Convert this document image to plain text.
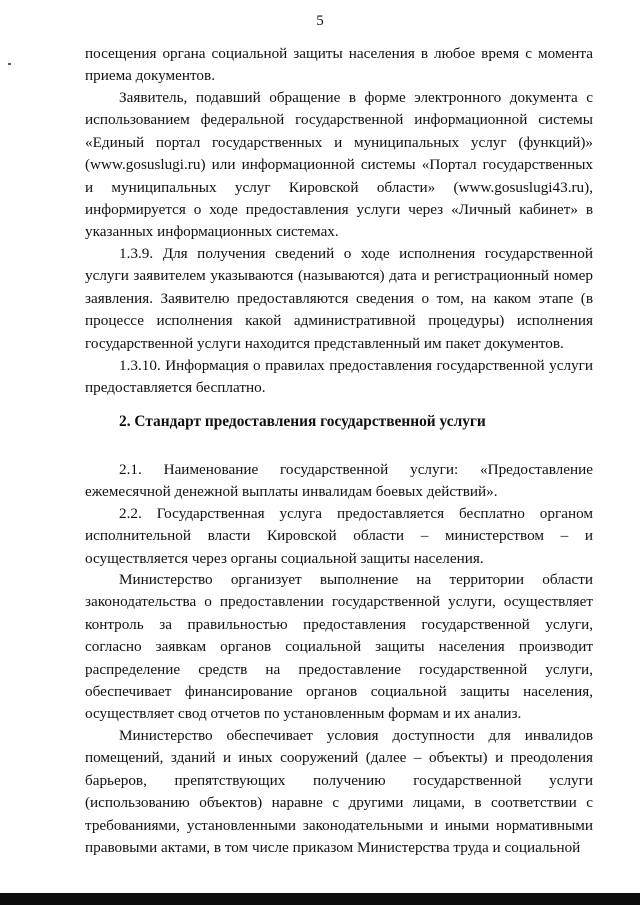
5

посещения органа социальной защиты населения в любое время с момента приема документов.

Заявитель, подавший обращение в форме электронного документа с использованием федеральной государственной информационной системы «Единый портал государственных и муниципальных услуг (функций)» (www.gosuslugi.ru) или информационной системы «Портал государственных и муниципальных услуг Кировской области» (www.gosuslugi43.ru), информируется о ходе предоставления услуги через «Личный кабинет» в указанных информационных системах.

1.3.9. Для получения сведений о ходе исполнения государственной услуги заявителем указываются (называются) дата и регистрационный номер заявления. Заявителю предоставляются сведения о том, на каком этапе (в процессе исполнения какой административной процедуры) исполнения государственной услуги находится представленный им пакет документов.

1.3.10. Информация о правилах предоставления государственной услуги предоставляется бесплатно.

2. Стандарт предоставления государственной услуги

2.1. Наименование государственной услуги: «Предоставление ежемесячной денежной выплаты инвалидам боевых действий».

2.2. Государственная услуга предоставляется бесплатно органом исполнительной власти Кировской области – министерством – и осуществляется через органы социальной защиты населения.

Министерство организует выполнение на территории области законодательства о предоставлении государственной услуги, осуществляет контроль за правильностью предоставления государственной услуги, согласно заявкам органов социальной защиты населения производит распределение средств на предоставление государственной услуги, обеспечивает финансирование органов социальной защиты населения, осуществляет свод отчетов по установленным формам и их анализ.

Министерство обеспечивает условия доступности для инвалидов помещений, зданий и иных сооружений (далее – объекты) и преодоления барьеров, препятствующих получению государственной услуги (использованию объектов) наравне с другими лицами, в соответствии с требованиями, установленными законодательными и иными нормативными правовыми актами, в том числе приказом Министерства труда и социальной
